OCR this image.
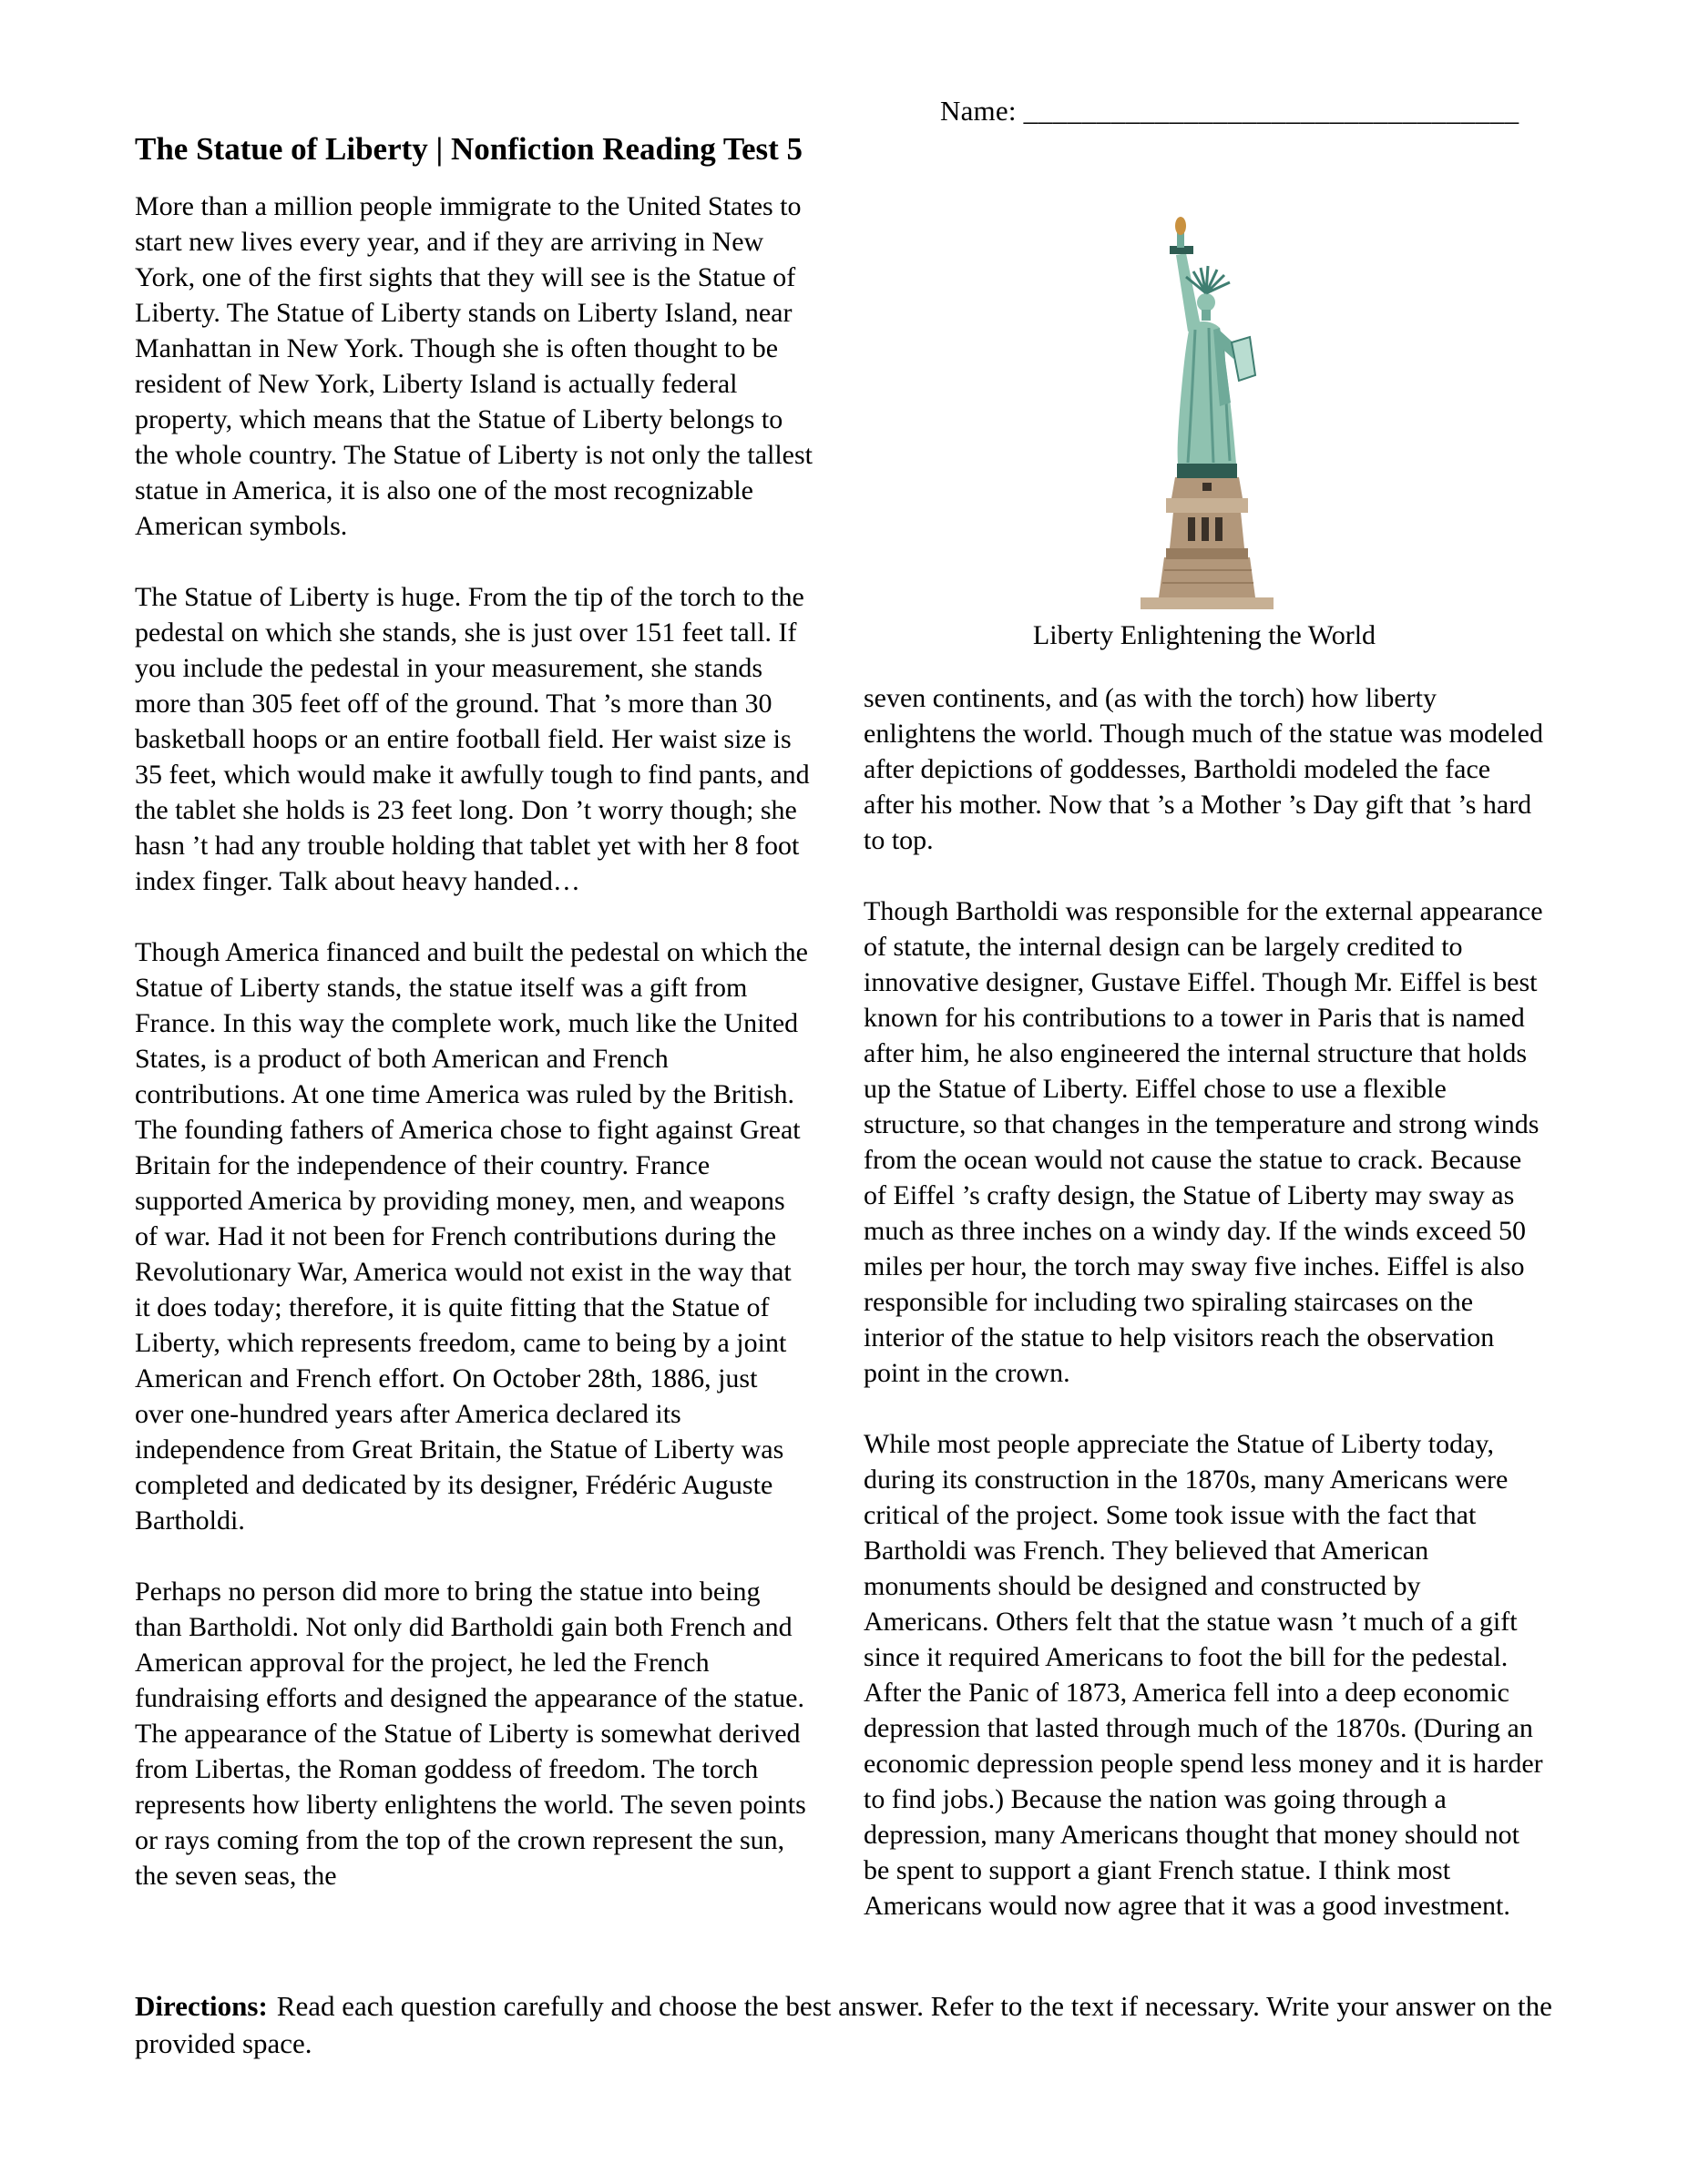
Name: __________________________________
The Statue of Liberty | Nonfiction Reading Test 5

More than a million people immigrate to the United States to start new lives every year, and if they are arriving in New York, one of the first sights that they will see is the Statue of Liberty. The Statue of Liberty stands on Liberty Island, near Manhattan in New York. Though she is often thought to be resident of New York, Liberty Island is actually federal property, which means that the Statue of Liberty belongs to the whole country. The Statue of Liberty is not only the tallest statue in America, it is also one of the most recognizable American symbols.

The Statue of Liberty is huge. From the tip of the torch to the pedestal on which she stands, she is just over 151 feet tall. If you include the pedestal in your measurement, she stands more than 305 feet off of the ground. That ’s more than 30 basketball hoops or an entire football field. Her waist size is 35 feet, which would make it awfully tough to find pants, and the tablet she holds is 23 feet long. Don ’t worry though; she hasn ’t had any trouble holding that tablet yet with her 8 foot index finger. Talk about heavy handed…

Though America financed and built the pedestal on which the Statue of Liberty stands, the statue itself was a gift from France. In this way the complete work, much like the United States, is a product of both American and French contributions. At one time America was ruled by the British. The founding fathers of America chose to fight against Great Britain for the independence of their country. France supported America by providing money, men, and weapons of war. Had it not been for French contributions during the Revolutionary War, America would not exist in the way that it does today; therefore, it is quite fitting that the Statue of Liberty, which represents freedom, came to being by a joint American and French effort. On October 28th, 1886, just over one-hundred years after America declared its independence from Great Britain, the Statue of Liberty was completed and dedicated by its designer, Frédéric Auguste Bartholdi.

Perhaps no person did more to bring the statue into being than Bartholdi. Not only did Bartholdi gain both French and American approval for the project, he led the French fundraising efforts and designed the appearance of the statue. The appearance of the Statue of Liberty is somewhat derived from Libertas, the Roman goddess of freedom. The torch represents how liberty enlightens the world. The seven points or rays coming from the top of the crown represent the sun, the seven seas, the

Liberty Enlightening the World

seven continents, and (as with the torch) how liberty enlightens the world. Though much of the statue was modeled after depictions of goddesses, Bartholdi modeled the face after his mother. Now that ’s a Mother ’s Day gift that ’s hard to top.

Though Bartholdi was responsible for the external appearance of statute, the internal design can be largely credited to innovative designer, Gustave Eiffel. Though Mr. Eiffel is best known for his contributions to a tower in Paris that is named after him, he also engineered the internal structure that holds up the Statue of Liberty. Eiffel chose to use a flexible structure, so that changes in the temperature and strong winds from the ocean would not cause the statue to crack. Because of Eiffel ’s crafty design, the Statue of Liberty may sway as much as three inches on a windy day. If the winds exceed 50 miles per hour, the torch may sway five inches. Eiffel is also responsible for including two spiraling staircases on the interior of the statue to help visitors reach the observation point in the crown.

While most people appreciate the Statue of Liberty today, during its construction in the 1870s, many Americans were critical of the project. Some took issue with the fact that Bartholdi was French. They believed that American monuments should be designed and constructed by Americans. Others felt that the statue wasn ’t much of a gift since it required Americans to foot the bill for the pedestal. After the Panic of 1873, America fell into a deep economic depression that lasted through much of the 1870s. (During an economic depression people spend less money and it is harder to find jobs.) Because the nation was going through a depression, many Americans thought that money should not be spent to support a giant French statue. I think most Americans would now agree that it was a good investment.

Directions: Read each question carefully and choose the best answer. Refer to the text if necessary. Write your answer on the provided space.
